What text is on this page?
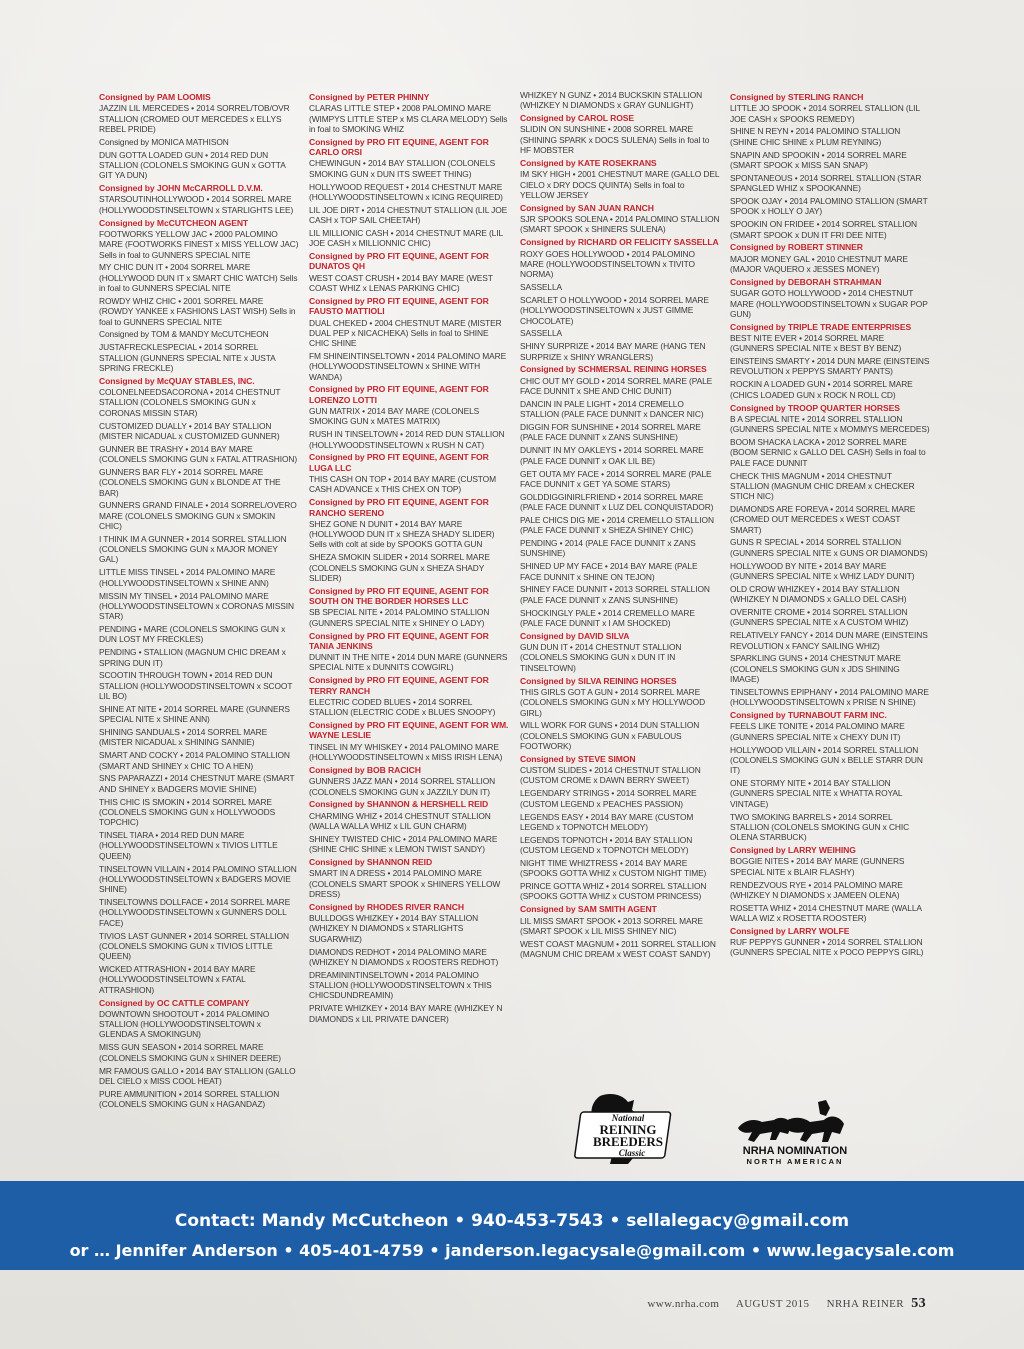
Consigned by PAM LOOMIS
JAZZIN LIL MERCEDES • 2014 SORREL/TOB/OVR STALLION (CROMED OUT MERCEDES x ELLYS REBEL PRIDE)
Consigned by MONICA MATHISON
DUN GOTTA LOADED GUN • 2014 RED DUN STALLION (COLONELS SMOKING GUN x GOTTA GIT YA DUN)
Consigned by JOHN McCARROLL D.V.M.
STARSOUTINHOLLYWOOD • 2014 SORREL MARE (HOLLYWOODSTINSELTOWN x STARLIGHTS LEE)
Consigned by McCUTCHEON AGENT
FOOTWORKS YELLOW JAC • 2000 PALOMINO MARE (FOOTWORKS FINEST x MISS YELLOW JAC) Sells in foal to GUNNERS SPECIAL NITE
MY CHIC DUN IT • 2004 SORREL MARE (HOLLYWOOD DUN IT x SMART CHIC WATCH) Sells in foal to GUNNERS SPECIAL NITE
ROWDY WHIZ CHIC • 2001 SORREL MARE (ROWDY YANKEE x FASHIONS LAST WISH) Sells in foal to GUNNERS SPECIAL NITE
Consigned by TOM & MANDY McCUTCHEON
JUSTAFRECKLESPECIAL • 2014 SORREL STALLION (GUNNERS SPECIAL NITE x JUSTA SPRING FRECKLE)
Consigned by McQUAY STABLES, INC.
COLONELNEEDSACORONA • 2014 CHESTNUT STALLION (COLONELS SMOKING GUN x CORONAS MISSIN STAR)
CUSTOMIZED DUALLY • 2014 BAY STALLION (MISTER NICADUAL x CUSTOMIZED GUNNER)
GUNNER BE TRASHY • 2014 BAY MARE (COLONELS SMOKING GUN x FATAL ATTRASHION)
GUNNERS BAR FLY • 2014 SORREL MARE (COLONELS SMOKING GUN x BLONDE AT THE BAR)
GUNNERS GRAND FINALE • 2014 SORREL/OVERO MARE (COLONELS SMOKING GUN x SMOKIN CHIC)
I THINK IM A GUNNER • 2014 SORREL STALLION (COLONELS SMOKING GUN x MAJOR MONEY GAL)
LITTLE MISS TINSEL • 2014 PALOMINO MARE (HOLLYWOODSTINSELTOWN x SHINE ANN)
MISSIN MY TINSEL • 2014 PALOMINO MARE (HOLLYWOODSTINSELTOWN x CORONAS MISSIN STAR)
PENDING • MARE (COLONELS SMOKING GUN x DUN LOST MY FRECKLES)
PENDING • STALLION (MAGNUM CHIC DREAM x SPRING DUN IT)
SCOOTIN THROUGH TOWN • 2014 RED DUN STALLION (HOLLYWOODSTINSELTOWN x SCOOT LIL BO)
SHINE AT NITE • 2014 SORREL MARE (GUNNERS SPECIAL NITE x SHINE ANN)
SHINING SANDUALS • 2014 SORREL MARE (MISTER NICADUAL x SHINING SANNIE)
SMART AND COCKY • 2014 PALOMINO STALLION (SMART AND SHINEY x CHIC TO A HEN)
SNS PAPARAZZI • 2014 CHESTNUT MARE (SMART AND SHINEY x BADGERS MOVIE SHINE)
THIS CHIC IS SMOKIN • 2014 SORREL MARE (COLONELS SMOKING GUN x HOLLYWOODS TOPCHIC)
TINSEL TIARA • 2014 RED DUN MARE (HOLLYWOODSTINSELTOWN x TIVIOS LITTLE QUEEN)
TINSELTOWN VILLAIN • 2014 PALOMINO STALLION (HOLLYWOODSTINSELTOWN x BADGERS MOVIE SHINE)
TINSELTOWNS DOLLFACE • 2014 SORREL MARE (HOLLYWOODSTINSELTOWN x GUNNERS DOLL FACE)
TIVIOS LAST GUNNER • 2014 SORREL STALLION (COLONELS SMOKING GUN x TIVIOS LITTLE QUEEN)
WICKED ATTRASHION • 2014 BAY MARE (HOLLYWOODSTINSELTOWN x FATAL ATTRASHION)
Consigned by OC CATTLE COMPANY
DOWNTOWN SHOOTOUT • 2014 PALOMINO STALLION (HOLLYWOODSTINSELTOWN x GLENDAS A SMOKINGUN)
MISS GUN SEASON • 2014 SORREL MARE (COLONELS SMOKING GUN x SHINER DEERE)
MR FAMOUS GALLO • 2014 BAY STALLION (GALLO DEL CIELO x MISS COOL HEAT)
PURE AMMUNITION • 2014 SORREL STALLION (COLONELS SMOKING GUN x HAGANDAZ)
Consigned by PETER PHINNY
CLARAS LITTLE STEP • 2008 PALOMINO MARE (WIMPYS LITTLE STEP x MS CLARA MELODY) Sells in foal to SMOKING WHIZ
Consigned by PRO FIT EQUINE, AGENT FOR CARLO ORSI
CHEWINGUN • 2014 BAY STALLION (COLONELS SMOKING GUN x DUN ITS SWEET THING)
HOLLYWOOD REQUEST • 2014 CHESTNUT MARE (HOLLYWOODSTINSELTOWN x ICING REQUIRED)
LIL JOE DIRT • 2014 CHESTNUT STALLION (LIL JOE CASH x TOP SAIL CHEETAH)
LIL MILLIONIC CASH • 2014 CHESTNUT MARE (LIL JOE CASH x MILLIONNIC CHIC)
Consigned by PRO FIT EQUINE, AGENT FOR DUNATOS QH
WEST COAST CRUSH • 2014 BAY MARE (WEST COAST WHIZ x LENAS PARKING CHIC)
Consigned by PRO FIT EQUINE, AGENT FOR FAUSTO MATTIOLI
DUAL CHEKED • 2004 CHESTNUT MARE (MISTER DUAL PEP x NICACHEKA) Sells in foal to SHINE CHIC SHINE
FM SHINEINTINSELTOWN • 2014 PALOMINO MARE (HOLLYWOODSTINSELTOWN x SHINE WITH WANDA)
Consigned by PRO FIT EQUINE, AGENT FOR LORENZO LOTTI
GUN MATRIX • 2014 BAY MARE (COLONELS SMOKING GUN x MATES MATRIX)
RUSH IN TINSELTOWN • 2014 RED DUN STALLION (HOLLYWOODSTINSELTOWN x RUSH N CAT)
Consigned by PRO FIT EQUINE, AGENT FOR LUGA LLC
THIS CASH ON TOP • 2014 BAY MARE (CUSTOM CASH ADVANCE x THIS CHEX ON TOP)
Consigned by PRO FIT EQUINE, AGENT FOR RANCHO SERENO
SHEZ GONE N DUNIT • 2014 BAY MARE (HOLLYWOOD DUN IT x SHEZA SHADY SLIDER) Sells with colt at side by SPOOKS GOTTA GUN
SHEZA SMOKIN SLIDER • 2014 SORREL MARE (COLONELS SMOKING GUN x SHEZA SHADY SLIDER)
Consigned by PRO FIT EQUINE, AGENT FOR SOUTH ON THE BORDER HORSES LLC
SB SPECIAL NITE • 2014 PALOMINO STALLION (GUNNERS SPECIAL NITE x SHINEY O LADY)
Consigned by PRO FIT EQUINE, AGENT FOR TANIA JENKINS
DUNNIT IN THE NITE • 2014 DUN MARE (GUNNERS SPECIAL NITE x DUNNITS COWGIRL)
Consigned by PRO FIT EQUINE, AGENT FOR TERRY RANCH
ELECTRIC CODED BLUES • 2014 SORREL STALLION (ELECTRIC CODE x BLUES SNOOPY)
Consigned by PRO FIT EQUINE, AGENT FOR WM. WAYNE LESLIE
TINSEL IN MY WHISKEY • 2014 PALOMINO MARE (HOLLYWOODSTINSELTOWN x MISS IRISH LENA)
Consigned by BOB RACICH
GUNNERS JAZZ MAN • 2014 SORREL STALLION (COLONELS SMOKING GUN x JAZZILY DUN IT)
Consigned by SHANNON & HERSHELL REID
CHARMING WHIZ • 2014 CHESTNUT STALLION (WALLA WALLA WHIZ x LIL GUN CHARM)
SHINEY TWISTED CHIC • 2014 PALOMINO MARE (SHINE CHIC SHINE x LEMON TWIST SANDY)
Consigned by SHANNON REID
SMART IN A DRESS • 2014 PALOMINO MARE (COLONELS SMART SPOOK x SHINERS YELLOW DRESS)
Consigned by RHODES RIVER RANCH
BULLDOGS WHIZKEY • 2014 BAY STALLION (WHIZKEY N DIAMONDS x STARLIGHTS SUGARWHIZ)
DIAMONDS REDHOT • 2014 PALOMINO MARE (WHIZKEY N DIAMONDS x ROOSTERS REDHOT)
DREAMININTINSELTOWN • 2014 PALOMINO STALLION (HOLLYWOODSTINSELTOWN x THIS CHICSDUNDREAMIN)
PRIVATE WHIZKEY • 2014 BAY MARE (WHIZKEY N DIAMONDS x LIL PRIVATE DANCER)
WHIZKEY N GUNZ • 2014 BUCKSKIN STALLION (WHIZKEY N DIAMONDS x GRAY GUNLIGHT)
Consigned by CAROL ROSE
SLIDIN ON SUNSHINE • 2008 SORREL MARE (SHINING SPARK x DOCS SULENA) Sells in foal to HF MOBSTER
Consigned by KATE ROSEKRANS
IM SKY HIGH • 2001 CHESTNUT MARE (GALLO DEL CIELO x DRY DOCS QUINTA) Sells in foal to YELLOW JERSEY
Consigned by SAN JUAN RANCH
SJR SPOOKS SOLENA • 2014 PALOMINO STALLION (SMART SPOOK x SHINERS SULENA)
Consigned by RICHARD OR FELICITY SASSELLA
ROXY GOES HOLLYWOOD • 2014 PALOMINO MARE (HOLLYWOODSTINSELTOWN x TIVITO NORMA)
SASSELLA
SCARLET O HOLLYWOOD • 2014 SORREL MARE (HOLLYWOODSTINSELTOWN x JUST GIMME CHOCOLATE)
SASSELLA
SHINY SURPRIZE • 2014 BAY MARE (HANG TEN SURPRIZE x SHINY WRANGLERS)
Consigned by SCHMERSAL REINING HORSES
CHIC OUT MY GOLD • 2014 SORREL MARE (PALE FACE DUNNIT x SHE AND CHIC DUNIT)
DANCIN IN PALE LIGHT • 2014 CREMELLO STALLION (PALE FACE DUNNIT x DANCER NIC)
DIGGIN FOR SUNSHINE • 2014 SORREL MARE (PALE FACE DUNNIT x ZANS SUNSHINE)
DUNNIT IN MY OAKLEYS • 2014 SORREL MARE (PALE FACE DUNNIT x OAK LIL BE)
GET OUTA MY FACE • 2014 SORREL MARE (PALE FACE DUNNIT x GET YA SOME STARS)
GOLDDIGGINIRLFRIEND • 2014 SORREL MARE (PALE FACE DUNNIT x LUZ DEL CONQUISTADOR)
PALE CHICS DIG ME • 2014 CREMELLO STALLION (PALE FACE DUNNIT x SHEZA SHINEY CHIC)
PENDING • 2014 (PALE FACE DUNNIT x ZANS SUNSHINE)
SHINED UP MY FACE • 2014 BAY MARE (PALE FACE DUNNIT x SHINE ON TEJON)
SHINEY FACE DUNNIT • 2013 SORREL STALLION (PALE FACE DUNNIT x ZANS SUNSHINE)
SHOCKINGLY PALE • 2014 CREMELLO MARE (PALE FACE DUNNIT x I AM SHOCKED)
Consigned by DAVID SILVA
GUN DUN IT • 2014 CHESTNUT STALLION (COLONELS SMOKING GUN x DUN IT IN TINSELTOWN)
Consigned by SILVA REINING HORSES
THIS GIRLS GOT A GUN • 2014 SORREL MARE (COLONELS SMOKING GUN x MY HOLLYWOOD GIRL)
WILL WORK FOR GUNS • 2014 DUN STALLION (COLONELS SMOKING GUN x FABULOUS FOOTWORK)
Consigned by STEVE SIMON
CUSTOM SLIDES • 2014 CHESTNUT STALLION (CUSTOM CROME x DAWN BERRY SWEET)
LEGENDARY STRINGS • 2014 SORREL MARE (CUSTOM LEGEND x PEACHES PASSION)
LEGENDS EASY • 2014 BAY MARE (CUSTOM LEGEND x TOPNOTCH MELODY)
LEGENDS TOPNOTCH • 2014 BAY STALLION (CUSTOM LEGEND x TOPNOTCH MELODY)
NIGHT TIME WHIZTRESS • 2014 BAY MARE (SPOOKS GOTTA WHIZ x CUSTOM NIGHT TIME)
PRINCE GOTTA WHIZ • 2014 SORREL STALLION (SPOOKS GOTTA WHIZ x CUSTOM PRINCESS)
Consigned by SAM SMITH AGENT
LIL MISS SMART SPOOK • 2013 SORREL MARE (SMART SPOOK x LIL MISS SHINEY NIC)
WEST COAST MAGNUM • 2011 SORREL STALLION (MAGNUM CHIC DREAM x WEST COAST SANDY)
Consigned by STERLING RANCH
LITTLE JO SPOOK • 2014 SORREL STALLION (LIL JOE CASH x SPOOKS REMEDY)
SHINE N REYN • 2014 PALOMINO STALLION (SHINE CHIC SHINE x PLUM REYNING)
SNAPIN AND SPOOKIN • 2014 SORREL MARE (SMART SPOOK x MISS SAN SNAP)
SPONTANEOUS • 2014 SORREL STALLION (STAR SPANGLED WHIZ x SPOOKANNE)
SPOOK OJAY • 2014 PALOMINO STALLION (SMART SPOOK x HOLLY O JAY)
SPOOKIN ON FRIDEE • 2014 SORREL STALLION (SMART SPOOK x DUN IT FRI DEE NITE)
Consigned by ROBERT STINNER
MAJOR MONEY GAL • 2010 CHESTNUT MARE (MAJOR VAQUERO x JESSES MONEY)
Consigned by DEBORAH STRAHMAN
SUGAR GOTO HOLLYWOOD • 2014 CHESTNUT MARE (HOLLYWOODSTINSELTOWN x SUGAR POP GUN)
Consigned by TRIPLE TRADE ENTERPRISES
BEST NITE EVER • 2014 SORREL MARE (GUNNERS SPECIAL NITE x BEST BY BENZ)
EINSTEINS SMARTY • 2014 DUN MARE (EINSTEINS REVOLUTION x PEPPYS SMARTY PANTS)
ROCKIN A LOADED GUN • 2014 SORREL MARE (CHICS LOADED GUN x ROCK N ROLL CD)
Consigned by TROOP QUARTER HORSES
B A SPECIAL NITE • 2014 SORREL STALLION (GUNNERS SPECIAL NITE x MOMMYS MERCEDES)
BOOM SHACKA LACKA • 2012 SORREL MARE (BOOM SERNIC x GALLO DEL CASH) Sells in foal to PALE FACE DUNNIT
CHECK THIS MAGNUM • 2014 CHESTNUT STALLION (MAGNUM CHIC DREAM x CHECKER STICH NIC)
DIAMONDS ARE FOREVA • 2014 SORREL MARE (CROMED OUT MERCEDES x WEST COAST SMART)
GUNS R SPECIAL • 2014 SORREL STALLION (GUNNERS SPECIAL NITE x GUNS OR DIAMONDS)
HOLLYWOOD BY NITE • 2014 BAY MARE (GUNNERS SPECIAL NITE x WHIZ LADY DUNIT)
OLD CROW WHIZKEY • 2014 BAY STALLION (WHIZKEY N DIAMONDS x GALLO DEL CASH)
OVERNITE CROME • 2014 SORREL STALLION (GUNNERS SPECIAL NITE x A CUSTOM WHIZ)
RELATIVELY FANCY • 2014 DUN MARE (EINSTEINS REVOLUTION x FANCY SAILING WHIZ)
SPARKLING GUNS • 2014 CHESTNUT MARE (COLONELS SMOKING GUN x JDS SHINING IMAGE)
TINSELTOWNS EPIPHANY • 2014 PALOMINO MARE (HOLLYWOODSTINSELTOWN x PRISE N SHINE)
Consigned by TURNABOUT FARM INC.
FEELS LIKE TONITE • 2014 PALOMINO MARE (GUNNERS SPECIAL NITE x CHEXY DUN IT)
HOLLYWOOD VILLAIN • 2014 SORREL STALLION (COLONELS SMOKING GUN x BELLE STARR DUN IT)
ONE STORMY NITE • 2014 BAY STALLION (GUNNERS SPECIAL NITE x WHATTA ROYAL VINTAGE)
TWO SMOKING BARRELS • 2014 SORREL STALLION (COLONELS SMOKING GUN x CHIC OLENA STARBUCK)
Consigned by LARRY WEIHING
BOGGIE NITES • 2014 BAY MARE (GUNNERS SPECIAL NITE x BLAIR FLASHY)
RENDEZVOUS RYE • 2014 PALOMINO MARE (WHIZKEY N DIAMONDS x JAMEEN OLENA)
ROSETTA WHIZ • 2014 CHESTNUT MARE (WALLA WALLA WIZ x ROSETTA ROOSTER)
Consigned by LARRY WOLFE
RUF PEPPYS GUNNER • 2014 SORREL STALLION (GUNNERS SPECIAL NITE x POCO PEPPYS GIRL)
National
REINING
BREEDERS
Classic	NRHA NOMINATION
NORTH AMERICAN
Contact: Mandy McCutcheon • 940-453-7543 • sellalegacy@gmail.com
or … Jennifer Anderson • 405-401-4759 • janderson.legacysale@gmail.com • www.legacysale.com
www.nrha.com AUGUST 2015 NRHA REINER 53
